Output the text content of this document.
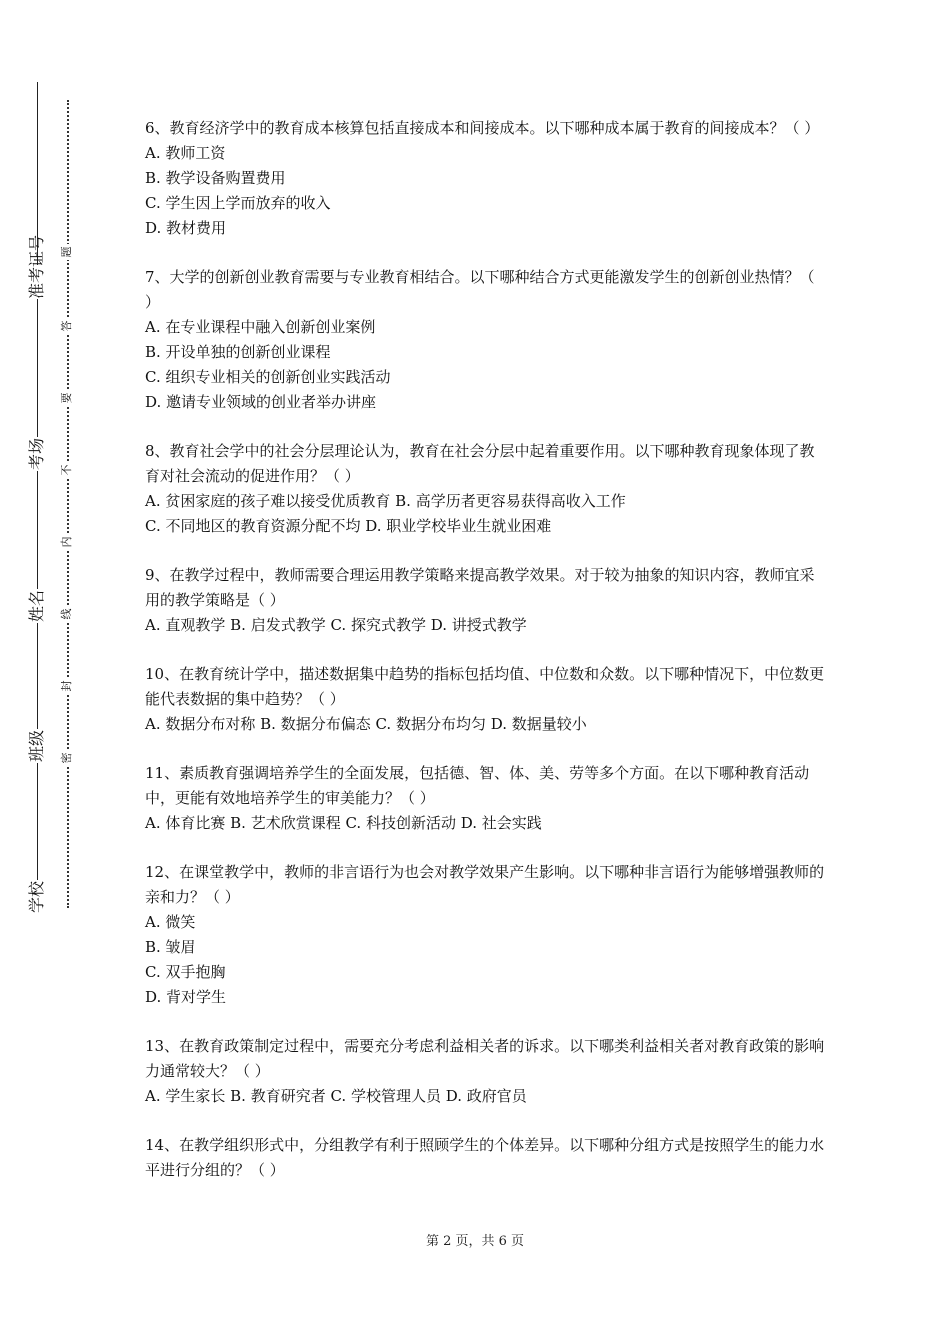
准考证号
考场
姓名
班级
学校
题
答
要
不
内
线
封
密

6、教育经济学中的教育成本核算包括直接成本和间接成本。以下哪种成本属于教育的间接成本？（ ）

A. 教师工资

B. 教学设备购置费用

C. 学生因上学而放弃的收入

D. 教材费用

7、大学的创新创业教育需要与专业教育相结合。以下哪种结合方式更能激发学生的创新创业热情？（ ）

A. 在专业课程中融入创新创业案例

B. 开设单独的创新创业课程

C. 组织专业相关的创新创业实践活动

D. 邀请专业领域的创业者举办讲座

8、教育社会学中的社会分层理论认为，教育在社会分层中起着重要作用。以下哪种教育现象体现了教育对社会流动的促进作用？（ ）

A. 贫困家庭的孩子难以接受优质教育 B. 高学历者更容易获得高收入工作

C. 不同地区的教育资源分配不均 D. 职业学校毕业生就业困难

9、在教学过程中，教师需要合理运用教学策略来提高教学效果。对于较为抽象的知识内容，教师宜采用的教学策略是（ ）

A. 直观教学 B. 启发式教学 C. 探究式教学 D. 讲授式教学

10、在教育统计学中，描述数据集中趋势的指标包括均值、中位数和众数。以下哪种情况下，中位数更能代表数据的集中趋势？（ ）

A. 数据分布对称 B. 数据分布偏态 C. 数据分布均匀 D. 数据量较小

11、素质教育强调培养学生的全面发展，包括德、智、体、美、劳等多个方面。在以下哪种教育活动中，更能有效地培养学生的审美能力？（ ）

A. 体育比赛 B. 艺术欣赏课程 C. 科技创新活动 D. 社会实践

12、在课堂教学中，教师的非言语行为也会对教学效果产生影响。以下哪种非言语行为能够增强教师的亲和力？（ ）

A. 微笑

B. 皱眉

C. 双手抱胸

D. 背对学生

13、在教育政策制定过程中，需要充分考虑利益相关者的诉求。以下哪类利益相关者对教育政策的影响力通常较大？（ ）

A. 学生家长 B. 教育研究者 C. 学校管理人员 D. 政府官员

14、在教学组织形式中，分组教学有利于照顾学生的个体差异。以下哪种分组方式是按照学生的能力水平进行分组的？（ ）

第 2 页，共 6 页
